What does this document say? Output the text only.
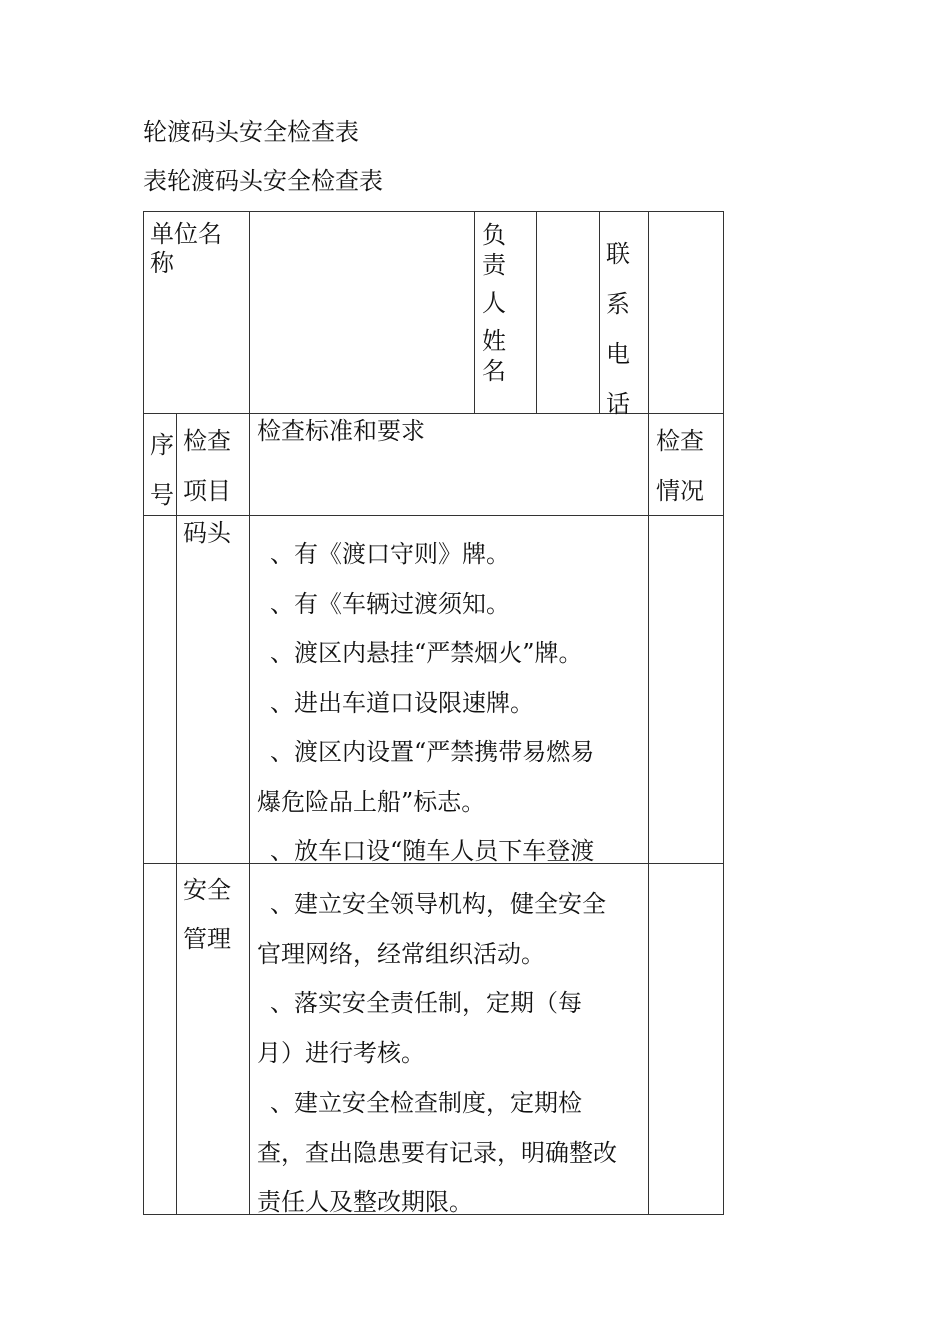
轮渡码头安全检查表
表轮渡码头安全检查表
单位名
称
负
责
人
姓
名
联
系
电
话
序
号
检查
项目
检查标准和要求	检查
情况
码头
、有《渡口守则》牌。
、有《车辆过渡须知。
、渡区内悬挂“严禁烟火”牌。
、进出车道口设限速牌。
、渡区内设置“严禁携带易燃易
爆危险品上船”标志。
、放车口设“随车人员下车登渡
安全
管理
、建立安全领导机构，健全安全
官理网络，经常组织活动。
、落实安全责任制，定期（每
月）进行考核。
、建立安全检查制度，定期检
查，查出隐患要有记录，明确整改
责任人及整改期限。
